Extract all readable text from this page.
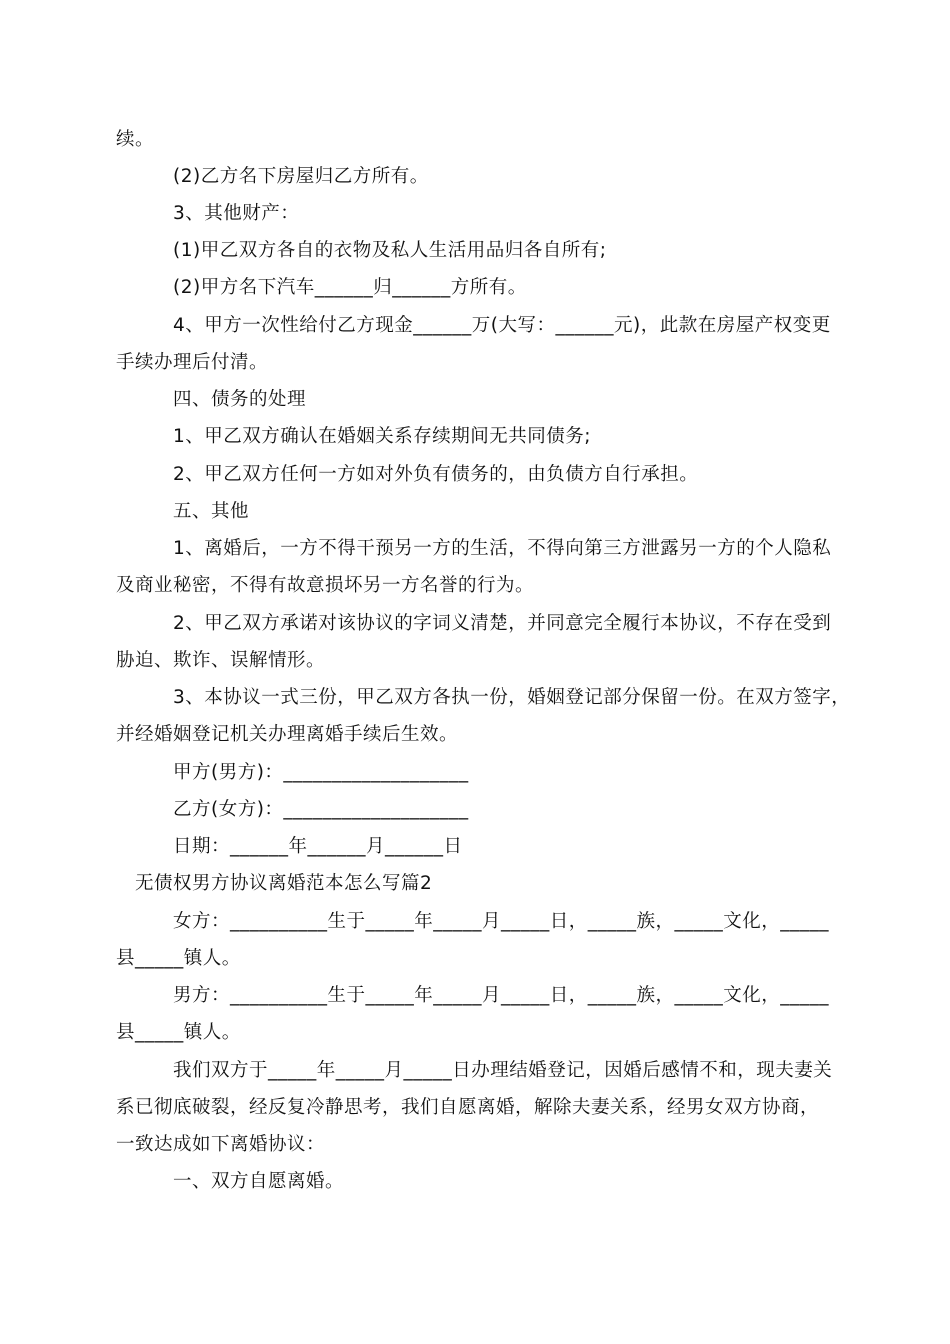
续。
(2)乙方名下房屋归乙方所有。
3、其他财产：
(1)甲乙双方各自的衣物及私人生活用品归各自所有;
(2)甲方名下汽车______归______方所有。
4、甲方一次性给付乙方现金______万(大写：______元)，此款在房屋产权变更
手续办理后付清。
四、债务的处理
1、甲乙双方确认在婚姻关系存续期间无共同债务;
2、甲乙双方任何一方如对外负有债务的，由负债方自行承担。
五、其他
1、离婚后，一方不得干预另一方的生活，不得向第三方泄露另一方的个人隐私
及商业秘密，不得有故意损坏另一方名誉的行为。
2、甲乙双方承诺对该协议的字词义清楚，并同意完全履行本协议，不存在受到
胁迫、欺诈、误解情形。
3、本协议一式三份，甲乙双方各执一份，婚姻登记部分保留一份。在双方签字，
并经婚姻登记机关办理离婚手续后生效。
甲方(男方)：___________________
乙方(女方)：___________________
日期：______年______月______日
无债权男方协议离婚范本怎么写篇2
女方：__________生于_____年_____月_____日，_____族，_____文化，_____
县_____镇人。
男方：__________生于_____年_____月_____日，_____族，_____文化，_____
县_____镇人。
我们双方于_____年_____月_____日办理结婚登记，因婚后感情不和，现夫妻关
系已彻底破裂，经反复冷静思考，我们自愿离婚，解除夫妻关系，经男女双方协商，
一致达成如下离婚协议：
一、双方自愿离婚。
